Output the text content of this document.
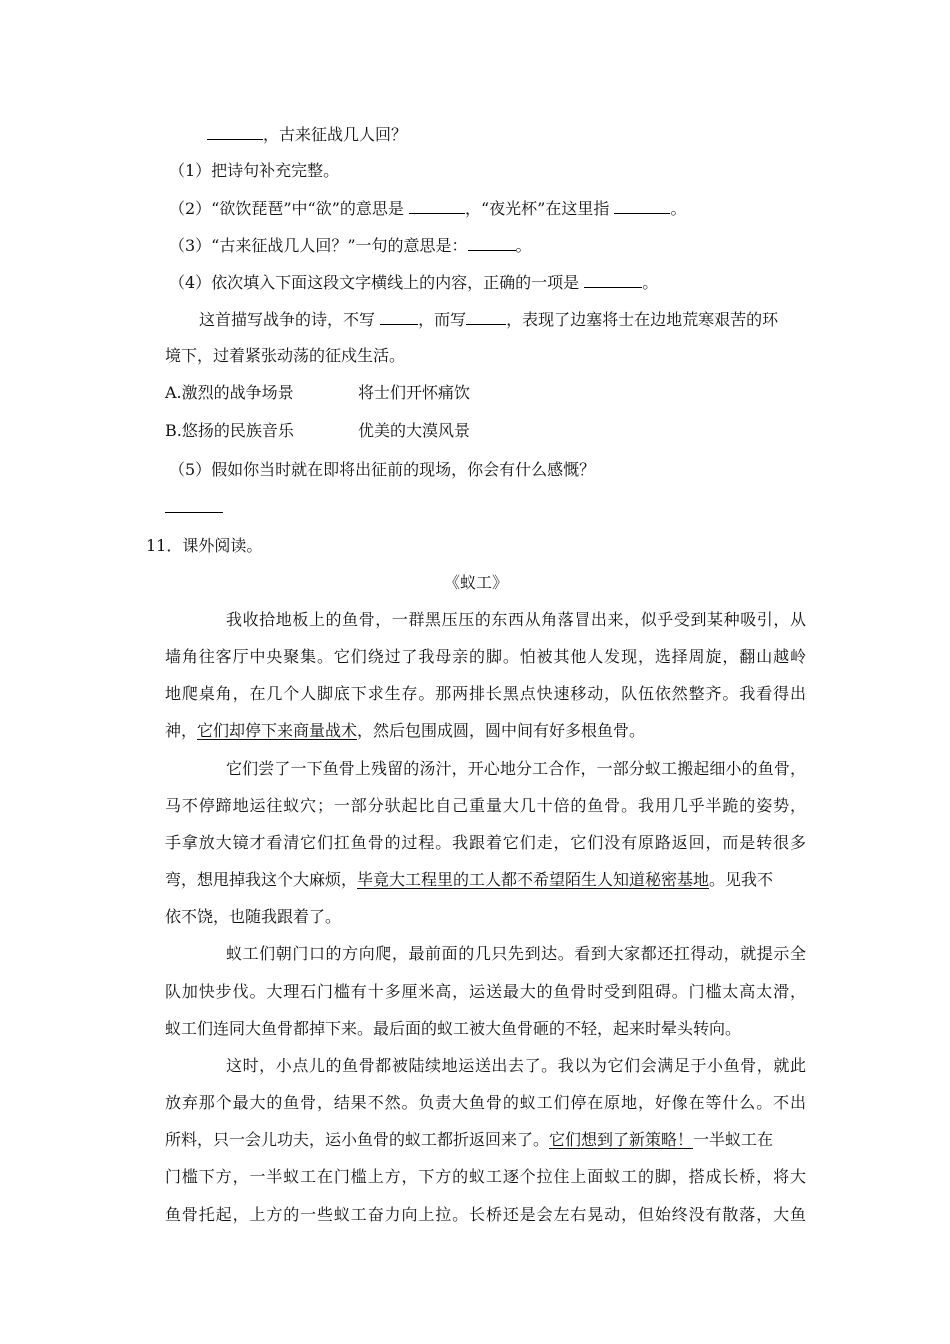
，古来征战几人回？
（1）把诗句补充完整。
（2）“欲饮琵琶”中“欲”的意思是	，“夜光杯”在这里指	。
（3）“古来征战几人回？”一句的意思是：	。
（4）依次填入下面这段文字横线上的内容，正确的一项是	。
这首描写战争的诗，不写 ，而写	，表现了边塞将士在边地荒寒艰苦的环
境下，过着紧张动荡的征戍生活。
A.激烈的战争场景	将士们开怀痛饮
B.悠扬的民族音乐	优美的大漠风景
（5）假如你当时就在即将出征前的现场，你会有什么感慨？
11．课外阅读。
《蚁工》
我收拾地板上的鱼骨，一群黑压压的东西从角落冒出来，似乎受到某种吸引，从
墙角往客厅中央聚集。它们绕过了我母亲的脚。怕被其他人发现，选择周旋，翻山越岭
地爬桌角，在几个人脚底下求生存。那两排长黑点快速移动，队伍依然整齐。我看得出
神，它们却停下来商量战术，然后包围成圆，圆中间有好多根鱼骨。
它们尝了一下鱼骨上残留的汤汁，开心地分工合作，一部分蚁工搬起细小的鱼骨，
马不停蹄地运往蚁穴；一部分驮起比自己重量大几十倍的鱼骨。我用几乎半跪的姿势，
手拿放大镜才看清它们扛鱼骨的过程。我跟着它们走，它们没有原路返回，而是转很多
弯，想甩掉我这个大麻烦，毕竟大工程里的工人都不希望陌生人知道秘密基地。见我不
依不饶，也随我跟着了。
蚁工们朝门口的方向爬，最前面的几只先到达。看到大家都还扛得动，就提示全
队加快步伐。大理石门槛有十多厘米高，运送最大的鱼骨时受到阻碍。门槛太高太滑，
蚁工们连同大鱼骨都掉下来。最后面的蚁工被大鱼骨砸的不轻，起来时晕头转向。
这时，小点儿的鱼骨都被陆续地运送出去了。我以为它们会满足于小鱼骨，就此
放弃那个最大的鱼骨，结果不然。负责大鱼骨的蚁工们停在原地，好像在等什么。不出
所料，只一会儿功夫，运小鱼骨的蚁工都折返回来了。它们想到了新策略！一半蚁工在
门槛下方，一半蚁工在门槛上方，下方的蚁工逐个拉住上面蚁工的脚，搭成长桥，将大
鱼骨托起，上方的一些蚁工奋力向上拉。长桥还是会左右晃动，但始终没有散落，大鱼
